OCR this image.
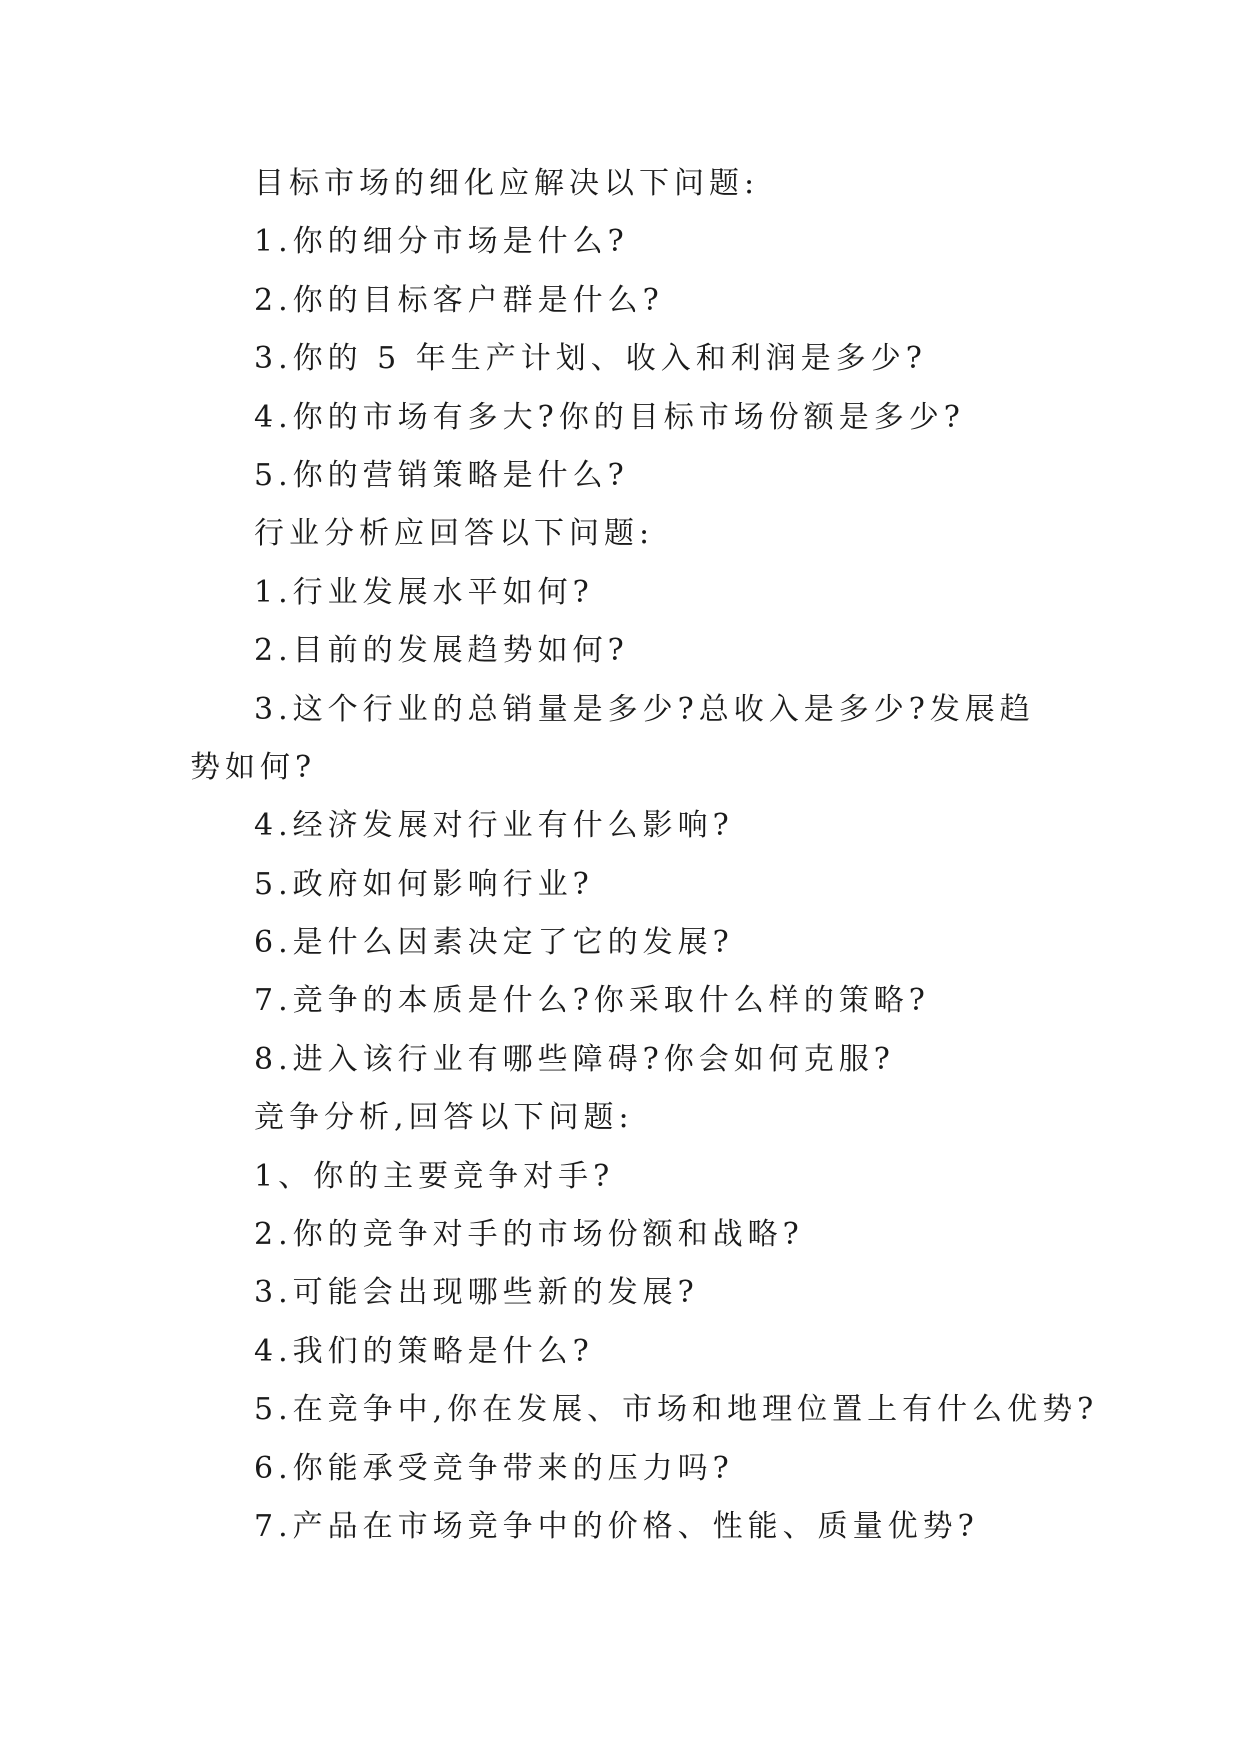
目标市场的细化应解决以下问题:
1.你的细分市场是什么?
2.你的目标客户群是什么?
3.你的 5 年生产计划、收入和利润是多少?
4.你的市场有多大?你的目标市场份额是多少?
5.你的营销策略是什么?
行业分析应回答以下问题:
1.行业发展水平如何?
2.目前的发展趋势如何?
3.这个行业的总销量是多少?总收入是多少?发展趋
势如何?
4.经济发展对行业有什么影响?
5.政府如何影响行业?
6.是什么因素决定了它的发展?
7.竞争的本质是什么?你采取什么样的策略?
8.进入该行业有哪些障碍?你会如何克服?
竞争分析,回答以下问题:
1、你的主要竞争对手?
2.你的竞争对手的市场份额和战略?
3.可能会出现哪些新的发展?
4.我们的策略是什么?
5.在竞争中,你在发展、市场和地理位置上有什么优势?
6.你能承受竞争带来的压力吗?
7.产品在市场竞争中的价格、性能、质量优势?
